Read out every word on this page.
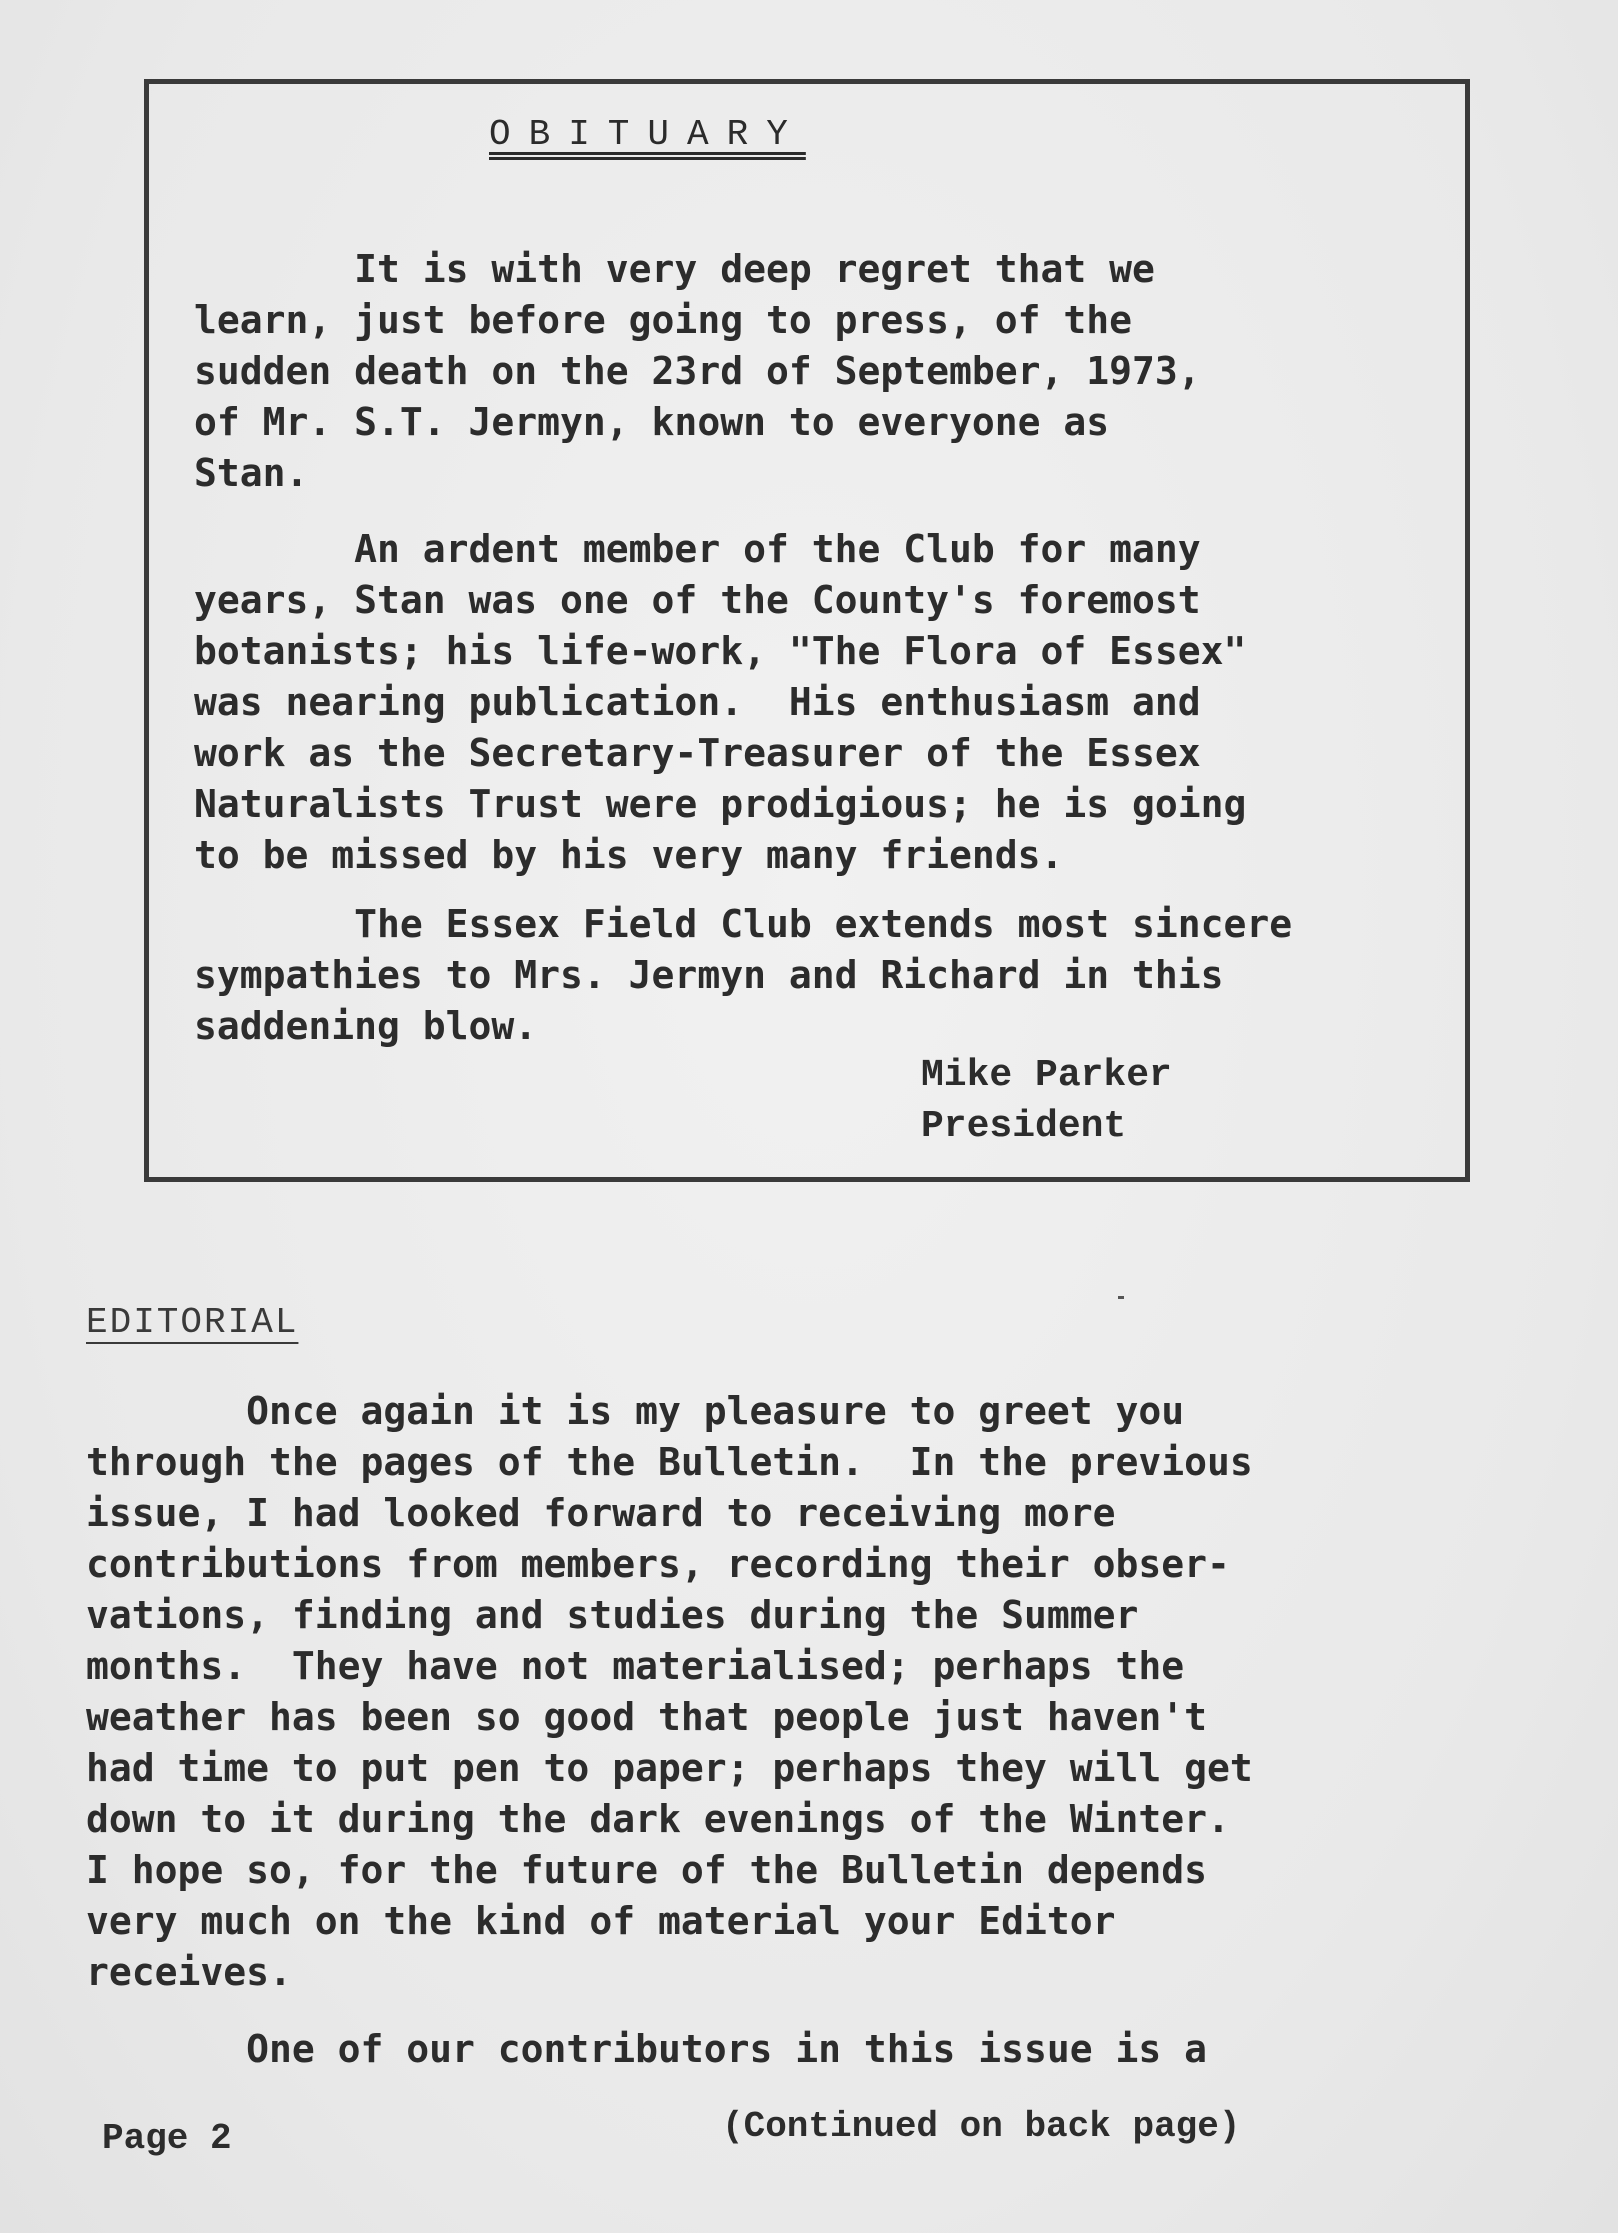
OBITUARY
It is with very deep regret that we
learn, just before going to press, of the
sudden death on the 23rd of September, 1973,
of Mr. S.T. Jermyn, known to everyone as
Stan.
An ardent member of the Club for many
years, Stan was one of the County's foremost
botanists; his life-work, "The Flora of Essex"
was nearing publication.  His enthusiasm and
work as the Secretary-Treasurer of the Essex
Naturalists Trust were prodigious; he is going
to be missed by his very many friends.
The Essex Field Club extends most sincere
sympathies to Mrs. Jermyn and Richard in this
saddening blow.
Mike Parker
President
EDITORIAL
Once again it is my pleasure to greet you
through the pages of the Bulletin.  In the previous
issue, I had looked forward to receiving more
contributions from members, recording their obser-
vations, finding and studies during the Summer
months.  They have not materialised; perhaps the
weather has been so good that people just haven't
had time to put pen to paper; perhaps they will get
down to it during the dark evenings of the Winter.
I hope so, for the future of the Bulletin depends
very much on the kind of material your Editor
receives.
One of our contributors in this issue is a
Page 2	(Continued on back page)
